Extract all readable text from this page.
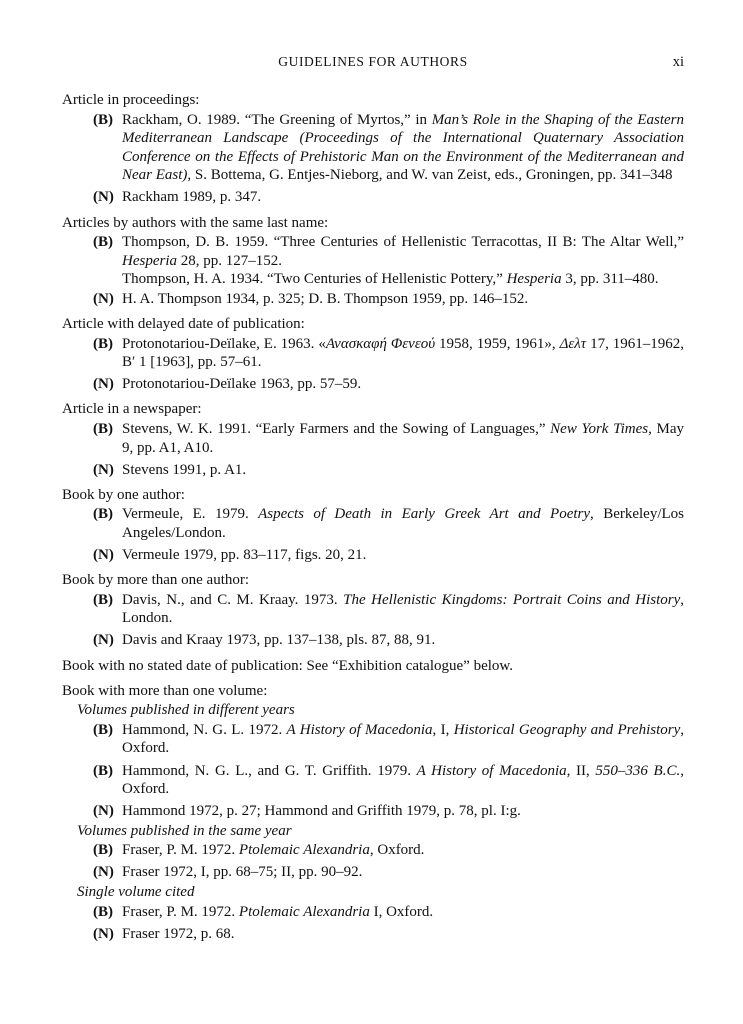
GUIDELINES FOR AUTHORS	xi
Article in proceedings:
(B) Rackham, O. 1989. “The Greening of Myrtos,” in Man’s Role in the Shaping of the Eastern Mediterranean Landscape (Proceedings of the International Quaternary Association Conference on the Effects of Prehistoric Man on the Environment of the Mediterranean and Near East), S. Bottema, G. Entjes-Nieborg, and W. van Zeist, eds., Groningen, pp. 341–348
(N) Rackham 1989, p. 347.
Articles by authors with the same last name:
(B) Thompson, D. B. 1959. “Three Centuries of Hellenistic Terracottas, II B: The Altar Well,” Hesperia 28, pp. 127–152.
Thompson, H. A. 1934. “Two Centuries of Hellenistic Pottery,” Hesperia 3, pp. 311–480.
(N) H. A. Thompson 1934, p. 325; D. B. Thompson 1959, pp. 146–152.
Article with delayed date of publication:
(B) Protonotariou-Deïlake, E. 1963. «Ανασκαφή Φενεού 1958, 1959, 1961», Δελτ 17, 1961–1962, B′ 1 [1963], pp. 57–61.
(N) Protonotariou-Deïlake 1963, pp. 57–59.
Article in a newspaper:
(B) Stevens, W. K. 1991. “Early Farmers and the Sowing of Languages,” New York Times, May 9, pp. A1, A10.
(N) Stevens 1991, p. A1.
Book by one author:
(B) Vermeule, E. 1979. Aspects of Death in Early Greek Art and Poetry, Berkeley/Los Angeles/London.
(N) Vermeule 1979, pp. 83–117, figs. 20, 21.
Book by more than one author:
(B) Davis, N., and C. M. Kraay. 1973. The Hellenistic Kingdoms: Portrait Coins and History, London.
(N) Davis and Kraay 1973, pp. 137–138, pls. 87, 88, 91.
Book with no stated date of publication: See “Exhibition catalogue” below.
Book with more than one volume:
Volumes published in different years
(B) Hammond, N. G. L. 1972. A History of Macedonia, I, Historical Geography and Prehistory, Oxford.
(B) Hammond, N. G. L., and G. T. Griffith. 1979. A History of Macedonia, II, 550–336 B.C., Oxford.
(N) Hammond 1972, p. 27; Hammond and Griffith 1979, p. 78, pl. I:g.
Volumes published in the same year
(B) Fraser, P. M. 1972. Ptolemaic Alexandria, Oxford.
(N) Fraser 1972, I, pp. 68–75; II, pp. 90–92.
Single volume cited
(B) Fraser, P. M. 1972. Ptolemaic Alexandria I, Oxford.
(N) Fraser 1972, p. 68.
